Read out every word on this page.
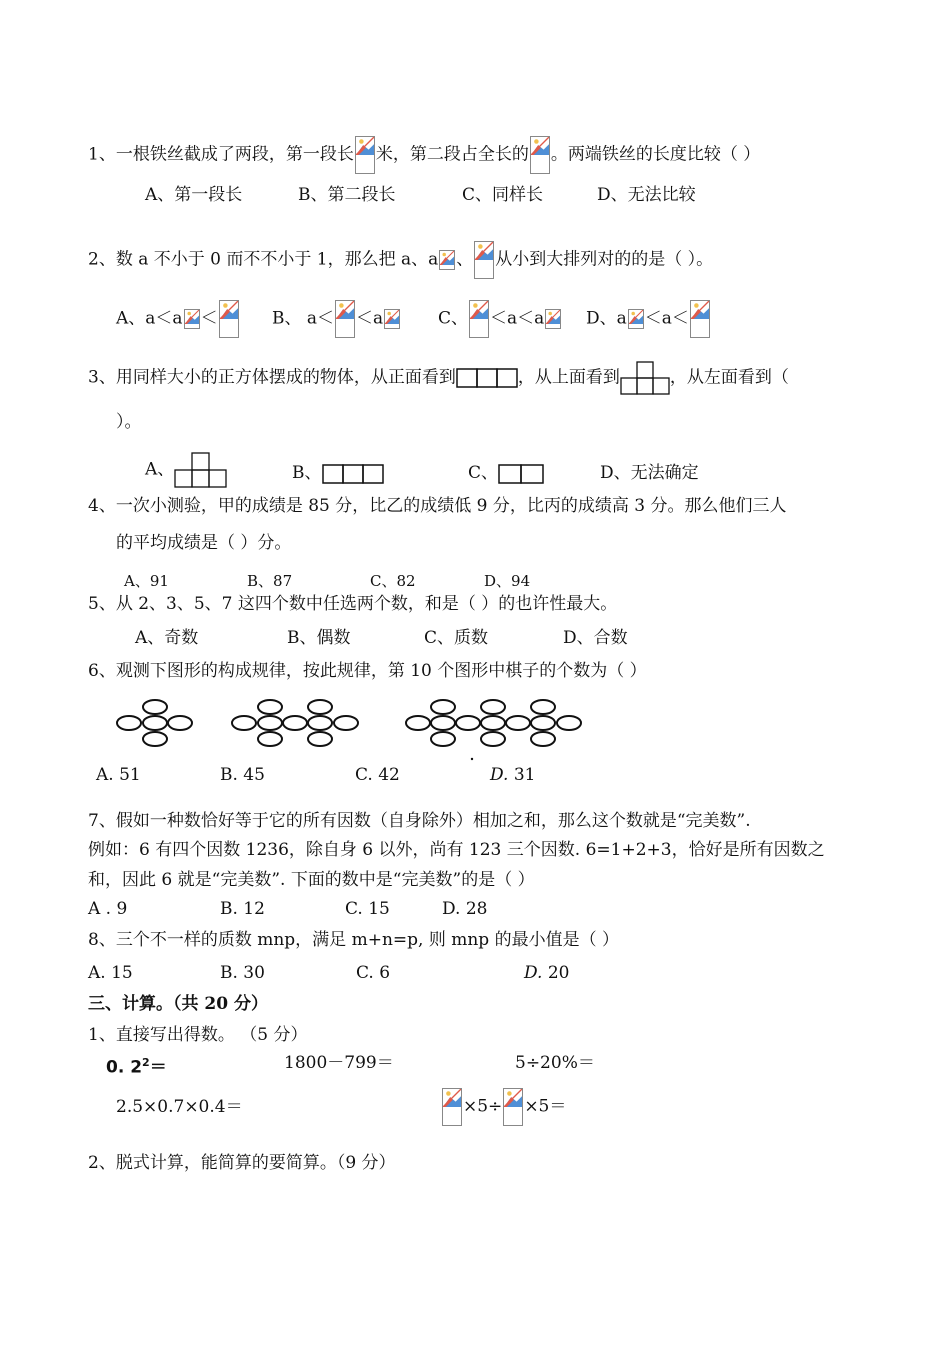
1、一根铁丝截成了两段，第一段长 米，第二段占全长的 。两端铁丝的长度比较（ ）
A、第一段长	B、第二段长	C、同样长	D、无法比较
2、数 a 不小于 0 而不不小于 1，那么把 a、a 、 从小到大排列对的的是（ ）。
A、a＜a ＜	B、 a＜ ＜a	C、 ＜a＜a	D、a ＜a＜
3、用同样大小的正方体摆成的物体，从正面看到	，从上面看到	，从左面看到（
）。
A、	B、	C、	D、无法确定
4、一次小测验，甲的成绩是 85 分，比乙的成绩低 9 分，比丙的成绩高 3 分。那么他们三人
的平均成绩是（ ）分。
A、91	B、87	C、82	D、94
5、从 2、3、5、7 这四个数中任选两个数，和是（ ）的也许性最大。
A、奇数	B、偶数	C、质数	D、合数
6、观测下图形的构成规律，按此规律，第 10 个图形中棋子的个数为（ ）
A. 51	B. 45	C. 42	D. 31
7、假如一种数恰好等于它的所有因数（自身除外）相加之和，那么这个数就是“完美数”.
例如：6 有四个因数 1236，除自身 6 以外，尚有 123 三个因数. 6=1+2+3，恰好是所有因数之
和，因此 6 就是“完美数”. 下面的数中是“完美数”的是（ ）
A . 9	B. 12	C. 15	D. 28
8、三个不一样的质数 mnp，满足 m+n=p, 则 mnp 的最小值是（ ）
A. 15	B. 30	C. 6	D. 20
三、计算。（共 20 分）
1、直接写出得数。 （5 分）
0. $2^2=$	1800－799＝	5÷20%＝
2.5×0.7×0.4＝	×5÷ ×5＝
2、脱式计算，能简算的要简算。（9 分）
